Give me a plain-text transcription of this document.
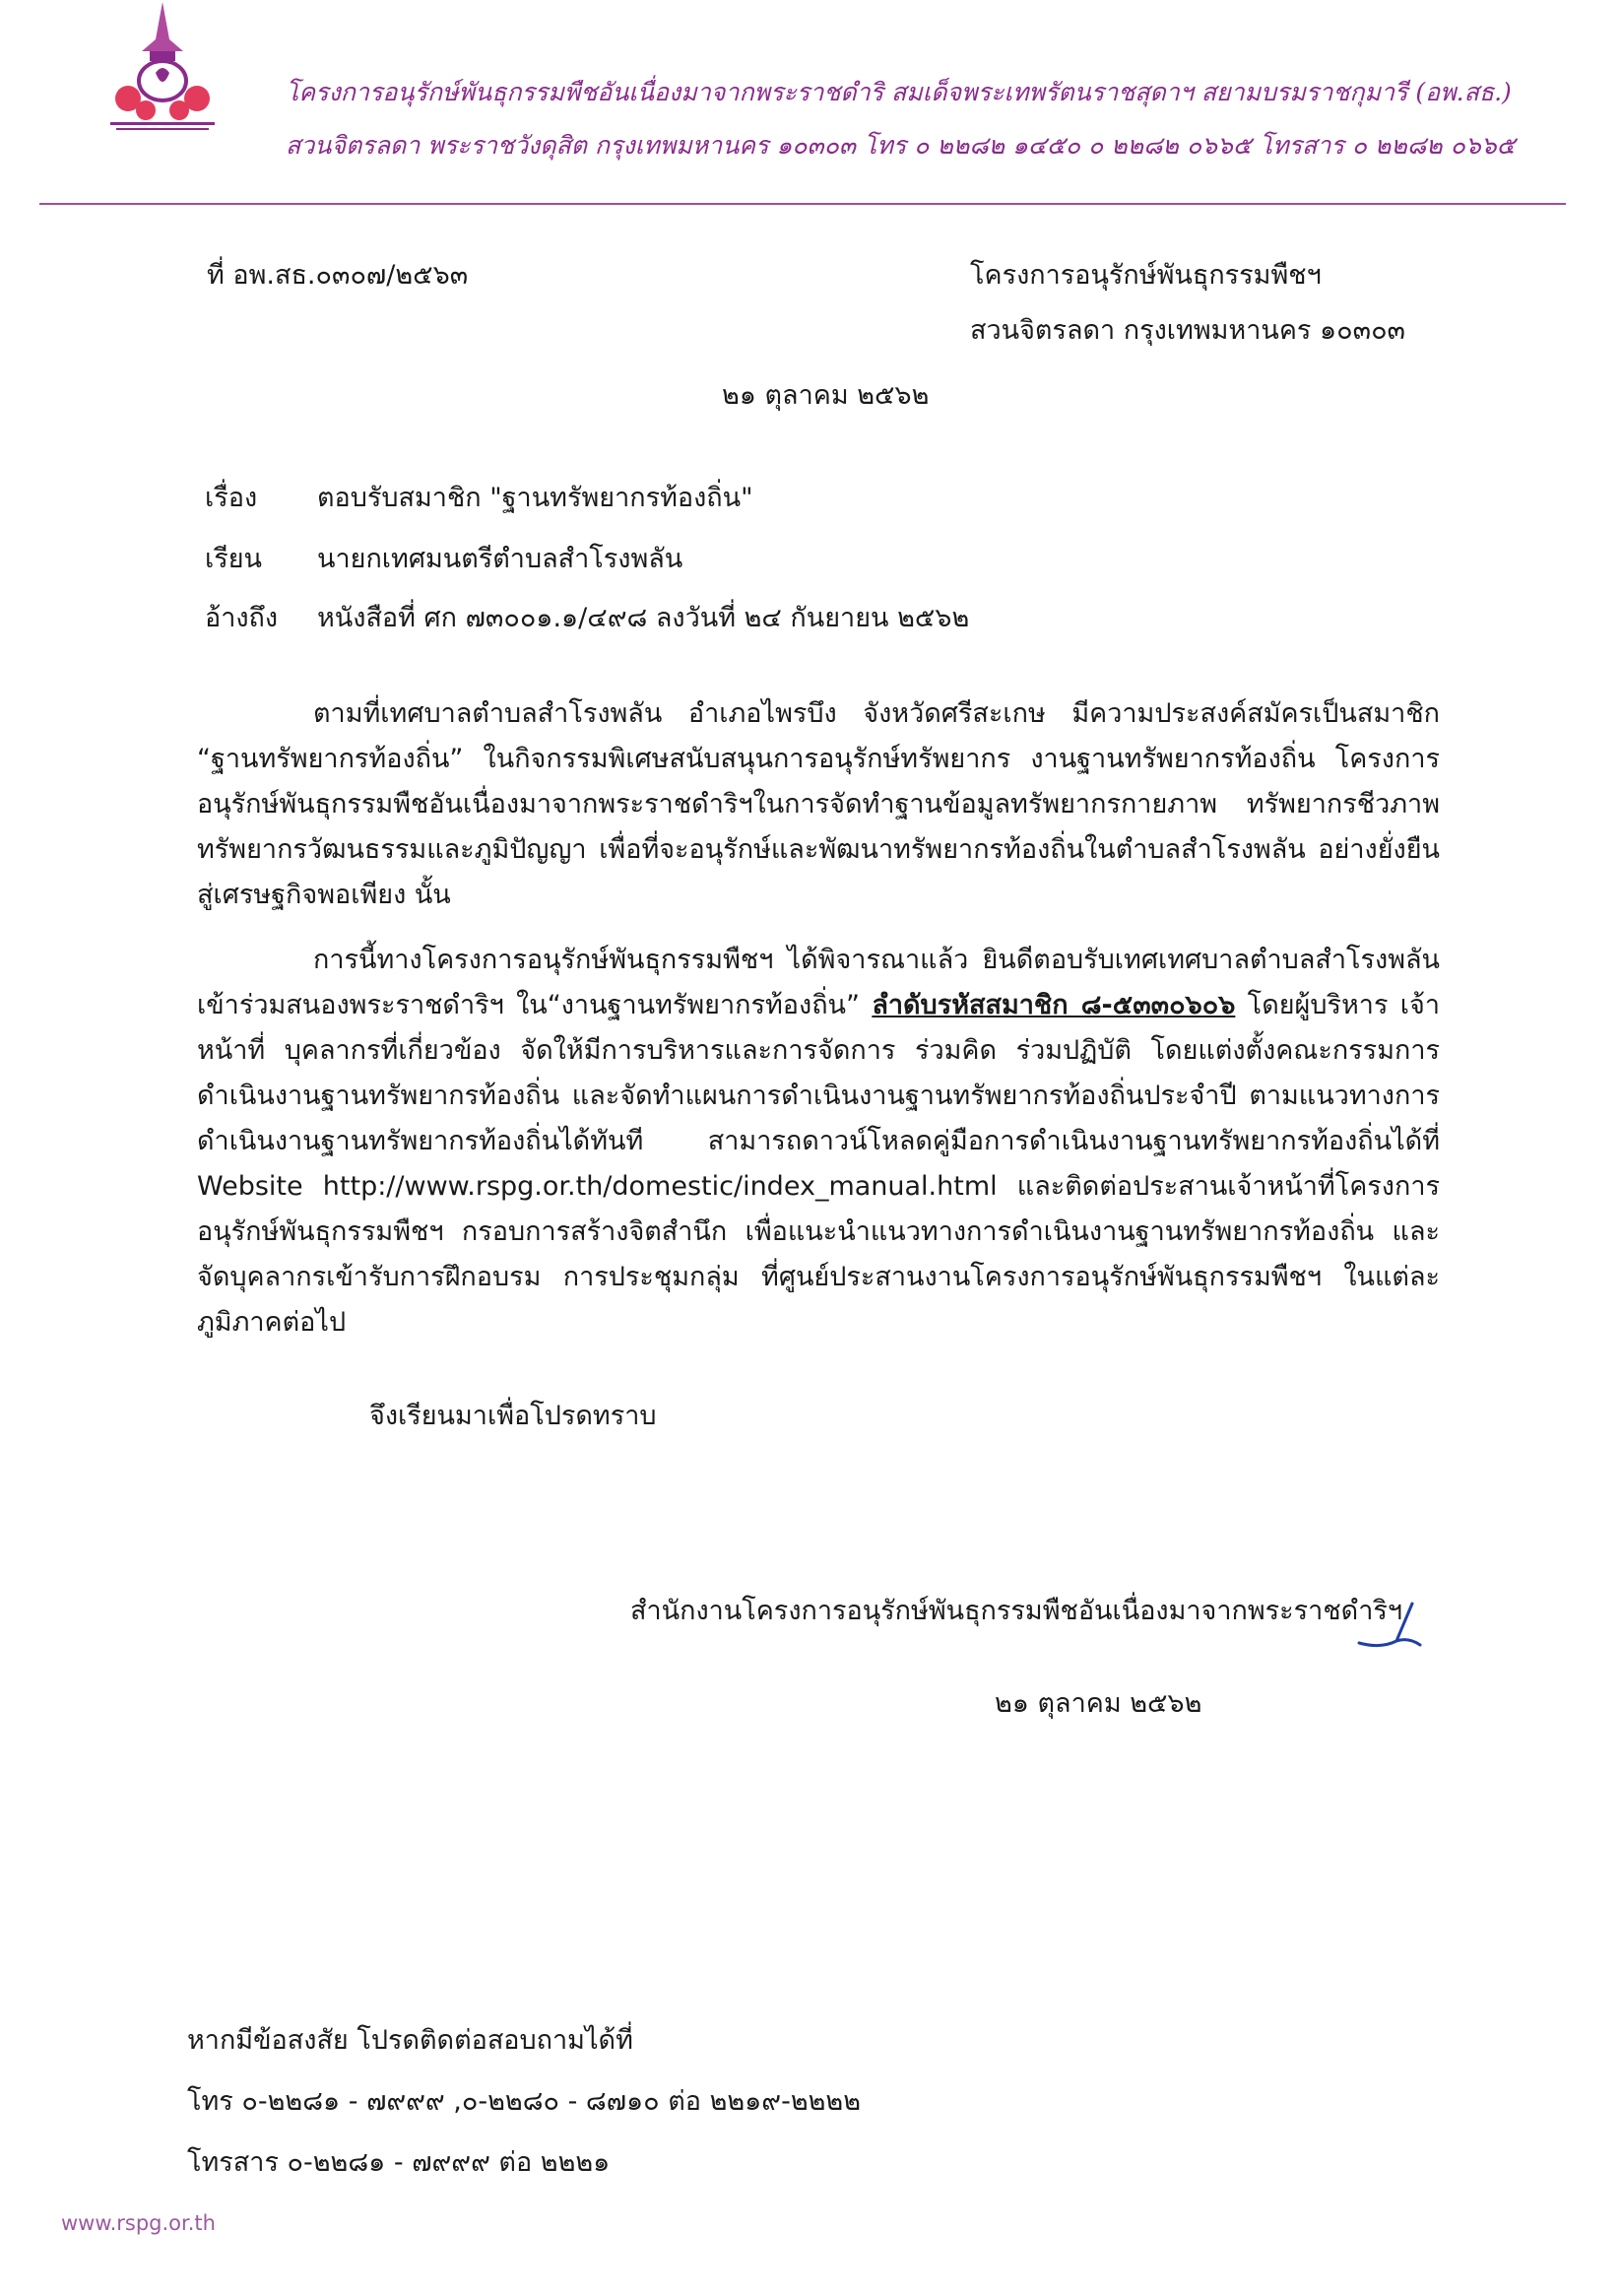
โครงการอนุรักษ์พันธุกรรมพืชอันเนื่องมาจากพระราชดำริ สมเด็จพระเทพรัตนราชสุดาฯ สยามบรมราชกุมารี (อพ.สธ.)
สวนจิตรลดา พระราชวังดุสิต กรุงเทพมหานคร ๑๐๓๐๓ โทร ๐ ๒๒๘๒ ๑๔๕๐ ๐ ๒๒๘๒ ๐๖๖๕ โทรสาร ๐ ๒๒๘๒ ๐๖๖๕
ที่ อพ.สธ.๐๓๐๗/๒๕๖๓	โครงการอนุรักษ์พันธุกรรมพืชฯ
สวนจิตรลดา กรุงเทพมหานคร ๑๐๓๐๓
๒๑ ตุลาคม ๒๕๖๒
เรื่อง ตอบรับสมาชิก "ฐานทรัพยากรท้องถิ่น"
เรียน นายกเทศมนตรีตำบลสำโรงพลัน
อ้างถึง หนังสือที่ ศก ๗๓๐๐๑.๑/๔๙๘ ลงวันที่ ๒๔ กันยายน ๒๕๖๒
ตามที่เทศบาลตำบลสำโรงพลัน อำเภอไพรบึง จังหวัดศรีสะเกษ มีความประสงค์สมัครเป็นสมาชิก “ฐานทรัพยากรท้องถิ่น” ในกิจกรรมพิเศษสนับสนุนการอนุรักษ์ทรัพยากร งานฐานทรัพยากรท้องถิ่น โครงการอนุรักษ์พันธุกรรมพืชอันเนื่องมาจากพระราชดำริฯในการจัดทำฐานข้อมูลทรัพยากรกายภาพ ทรัพยากรชีวภาพ ทรัพยากรวัฒนธรรมและภูมิปัญญา เพื่อที่จะอนุรักษ์และพัฒนาทรัพยากรท้องถิ่นในตำบลสำโรงพลัน อย่างยั่งยืนสู่เศรษฐกิจพอเพียง นั้น
การนี้ทางโครงการอนุรักษ์พันธุกรรมพืชฯ ได้พิจารณาแล้ว ยินดีตอบรับเทศเทศบาลตำบลสำโรงพลัน เข้าร่วมสนองพระราชดำริฯ ใน“งานฐานทรัพยากรท้องถิ่น” ลำดับรหัสสมาชิก ๘-๕๓๓๐๖๐๖ โดยผู้บริหาร เจ้าหน้าที่ บุคลากรที่เกี่ยวข้อง จัดให้มีการบริหารและการจัดการ ร่วมคิด ร่วมปฏิบัติ โดยแต่งตั้งคณะกรรมการดำเนินงานฐานทรัพยากรท้องถิ่น และจัดทำแผนการดำเนินงานฐานทรัพยากรท้องถิ่นประจำปี ตามแนวทางการดำเนินงานฐานทรัพยากรท้องถิ่นได้ทันที สามารถดาวน์โหลดคู่มือการดำเนินงานฐานทรัพยากรท้องถิ่นได้ที่ Website http://www.rspg.or.th/domestic/index_manual.html และติดต่อประสานเจ้าหน้าที่โครงการอนุรักษ์พันธุกรรมพืชฯ กรอบการสร้างจิตสำนึก เพื่อแนะนำแนวทางการดำเนินงานฐานทรัพยากรท้องถิ่น และจัดบุคลากรเข้ารับการฝึกอบรม การประชุมกลุ่ม ที่ศูนย์ประสานงานโครงการอนุรักษ์พันธุกรรมพืชฯ ในแต่ละภูมิภาคต่อไป
จึงเรียนมาเพื่อโปรดทราบ
สำนักงานโครงการอนุรักษ์พันธุกรรมพืชอันเนื่องมาจากพระราชดำริฯ
๒๑ ตุลาคม ๒๕๖๒
หากมีข้อสงสัย โปรดติดต่อสอบถามได้ที่
โทร ๐-๒๒๘๑ - ๗๙๙๙ ,๐-๒๒๘๐ - ๘๗๑๐ ต่อ ๒๒๑๙-๒๒๒๒
โทรสาร ๐-๒๒๘๑ - ๗๙๙๙ ต่อ ๒๒๒๑
www.rspg.or.th
